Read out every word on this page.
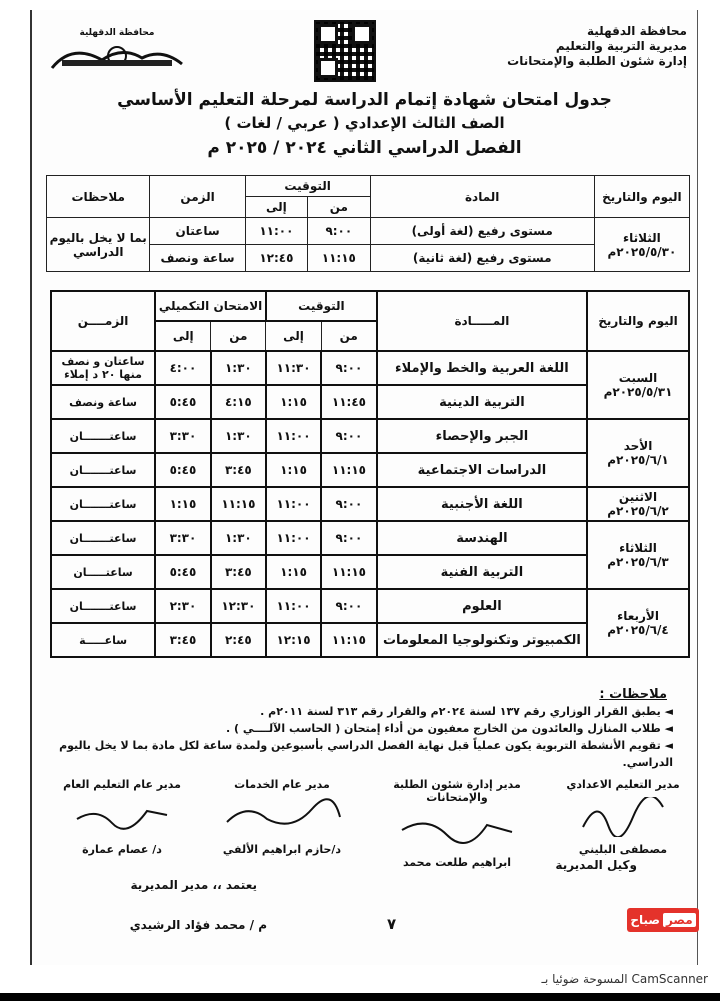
محافظة الدقهلية
مديرية التربية والتعليم
إدارة شئون الطلبة والإمتحانات
محافظة الدقهلية
جدول امتحان شهادة إتمام الدراسة لمرحلة التعليم الأساسي
الصف الثالث الإعدادي ( عربي / لغات )
الفصل الدراسي الثاني ٢٠٢٤ / ٢٠٢٥ م
اليوم والتاريخ	المادة	التوقيت		الزمن	ملاحظات
		من	إلى		

الثلاثاء
٢٠٢٥/٥/٣٠م	مستوى رفيع (لغة أولى)	٩:٠٠	١١:٠٠	ساعتان	بما لا يخل باليوم الدراسي
	مستوى رفيع (لغة ثانية)	١١:١٥	١٢:٤٥	ساعة ونصف	
اليوم والتاريخ	المـــــادة	التوقيت		الامتحان التكميلي		الزمــــن
		من	إلى	من	إلى	

السبت
٢٠٢٥/٥/٣١م	اللغة العربية والخط والإملاء	٩:٠٠	١١:٣٠	١:٣٠	٤:٠٠	ساعتان و نصف منها ٢٠ د إملاء
	التربية الدينية	١١:٤٥	١:١٥	٤:١٥	٥:٤٥	ساعة ونصف

الأحد
٢٠٢٥/٦/١م	الجبر والإحصاء	٩:٠٠	١١:٠٠	١:٣٠	٣:٣٠	ساعتـــــــان
	الدراسات الاجتماعية	١١:١٥	١:١٥	٣:٤٥	٥:٤٥	ساعتـــــــان

الاثنين
٢٠٢٥/٦/٢م	اللغة الأجنبية	٩:٠٠	١١:٠٠	١١:١٥	١:١٥	ساعتـــــــان

الثلاثاء
٢٠٢٥/٦/٣م	الهندسة	٩:٠٠	١١:٠٠	١:٣٠	٣:٣٠	ساعتـــــــان
	التربية الفنية	١١:١٥	١:١٥	٣:٤٥	٥:٤٥	ساعتـــــان

الأربعاء
٢٠٢٥/٦/٤م	العلوم	٩:٠٠	١١:٠٠	١٢:٣٠	٢:٣٠	ساعتـــــــان
	الكمبيوتر وتكنولوجيا المعلومات	١١:١٥	١٢:١٥	٢:٤٥	٣:٤٥	ساعـــــة
ملاحظات :
◄ يطبق القرار الوزاري رقم ١٣٧ لسنة ٢٠٢٤م والقرار رقم ٣١٣ لسنة ٢٠١١م .
◄ طلاب المنازل والعائدون من الخارج معفيون من أداء إمتحان ( الحاسب الآلــــي ) .
◄ تقويم الأنشطة التربوية يكون عملياً قبل نهاية الفصل الدراسي بأسبوعين ولمدة ساعة لكل مادة بما لا يخل باليوم الدراسي.
مدير التعليم الاعدادي
مصطفى البليني
مدير إدارة شئون الطلبة والإمتحانات
ابراهيم طلعت محمد
مدير عام الخدمات
د/حازم ابراهيم الألفي
مدير عام التعليم العام
د/ عصام عمارة
وكيل المديرية
يعتمد ،، مدير المديرية
م / محمد فؤاد الرشيدي	٧	مصرصباح
المسوحة ضوئيا بـ CamScanner
